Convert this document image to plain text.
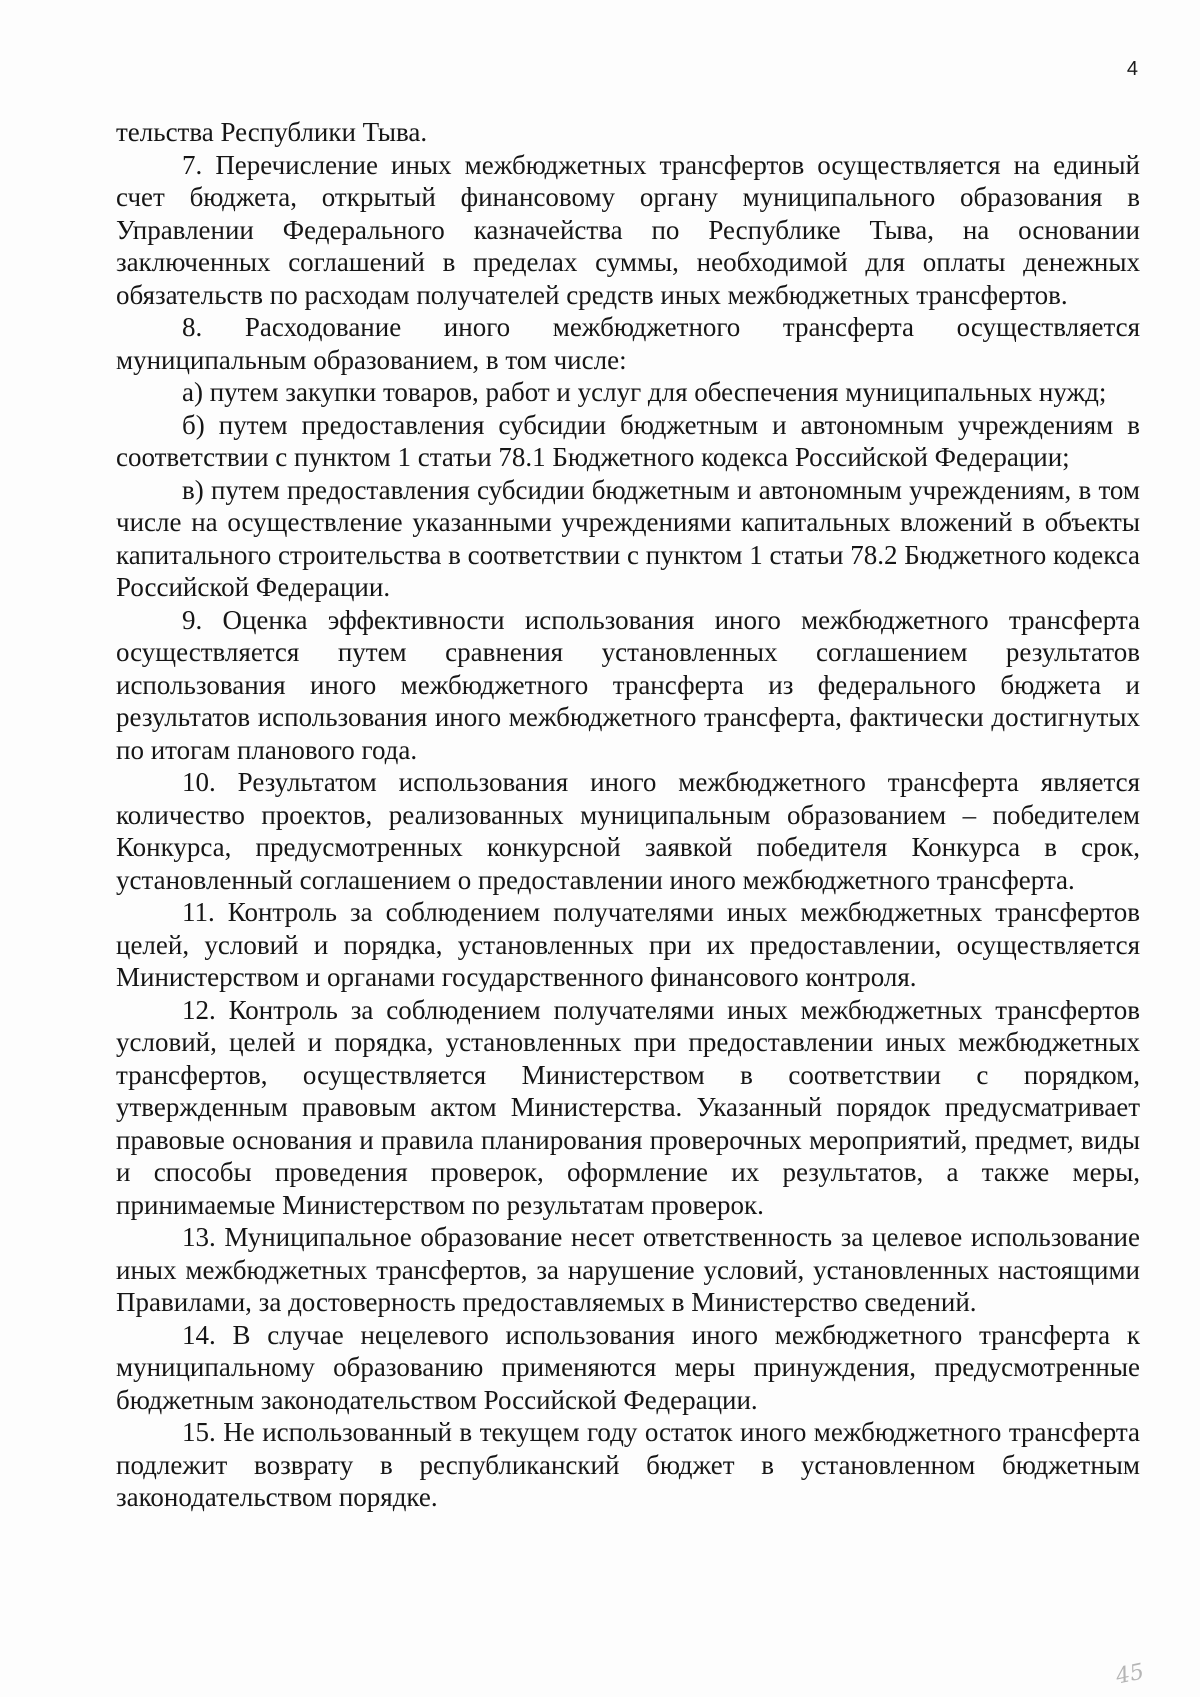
4

тельства Республики Тыва.

7. Перечисление иных межбюджетных трансфертов осуществляется на единый счет бюджета, открытый финансовому органу муниципального образования в Управлении Федерального казначейства по Республике Тыва, на основании заключенных соглашений в пределах суммы, необходимой для оплаты денежных обязательств по расходам получателей средств иных межбюджетных трансфертов.

8. Расходование иного межбюджетного трансферта осуществляется муниципальным образованием, в том числе:

а) путем закупки товаров, работ и услуг для обеспечения муниципальных нужд;

б) путем предоставления субсидии бюджетным и автономным учреждениям в соответствии с пунктом 1 статьи 78.1 Бюджетного кодекса Российской Федерации;

в) путем предоставления субсидии бюджетным и автономным учреждениям, в том числе на осуществление указанными учреждениями капитальных вложений в объекты капитального строительства в соответствии с пунктом 1 статьи 78.2 Бюджетного кодекса Российской Федерации.

9. Оценка эффективности использования иного межбюджетного трансферта осуществляется путем сравнения установленных соглашением результатов использования иного межбюджетного трансферта из федерального бюджета и результатов использования иного межбюджетного трансферта, фактически достигнутых по итогам планового года.

10. Результатом использования иного межбюджетного трансферта является количество проектов, реализованных муниципальным образованием – победителем Конкурса, предусмотренных конкурсной заявкой победителя Конкурса в срок, установленный соглашением о предоставлении иного межбюджетного трансферта.

11. Контроль за соблюдением получателями иных межбюджетных трансфертов целей, условий и порядка, установленных при их предоставлении, осуществляется Министерством и органами государственного финансового контроля.

12. Контроль за соблюдением получателями иных межбюджетных трансфертов условий, целей и порядка, установленных при предоставлении иных межбюджетных трансфертов, осуществляется Министерством в соответствии с порядком, утвержденным правовым актом Министерства. Указанный порядок предусматривает правовые основания и правила планирования проверочных мероприятий, предмет, виды и способы проведения проверок, оформление их результатов, а также меры, принимаемые Министерством по результатам проверок.

13. Муниципальное образование несет ответственность за целевое использование иных межбюджетных трансфертов, за нарушение условий, установленных настоящими Правилами, за достоверность предоставляемых в Министерство сведений.

14. В случае нецелевого использования иного межбюджетного трансферта к муниципальному образованию применяются меры принуждения, предусмотренные бюджетным законодательством Российской Федерации.

15. Не использованный в текущем году остаток иного межбюджетного трансферта подлежит возврату в республиканский бюджет в установленном бюджетным законодательством порядке.

45
